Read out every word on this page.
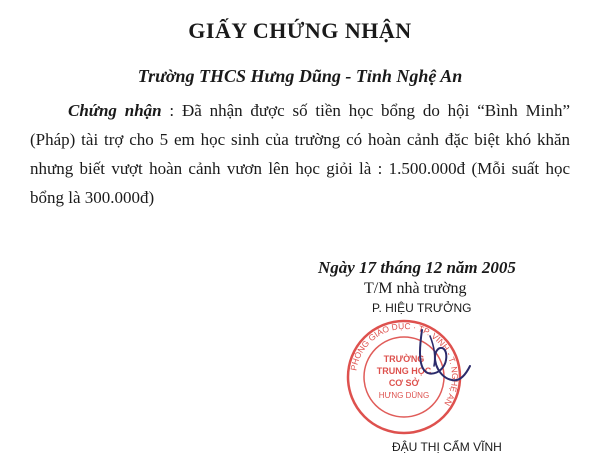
GIẤY CHỨNG NHẬN
Trường THCS Hưng Dũng - Tỉnh Nghệ An
Chứng nhận : Đã nhận được số tiền học bổng do hội “Bình Minh” (Pháp) tài trợ cho 5 em học sinh của trường có hoàn cảnh đặc biệt khó khăn nhưng biết vượt hoàn cảnh vươn lên học giỏi là : 1.500.000đ (Mỗi suất học bổng là 300.000đ)
Ngày 17 tháng 12 năm 2005
T/M nhà trường
P. HIỆU TRƯỞNG
PHÒNG GIÁO DỤC · TP. VINH - T. NGHỆ AN
TRƯỜNG
TRUNG HỌC
CƠ SỞ
HƯNG DŨNG
ĐẬU THỊ CẨM VĨNH
